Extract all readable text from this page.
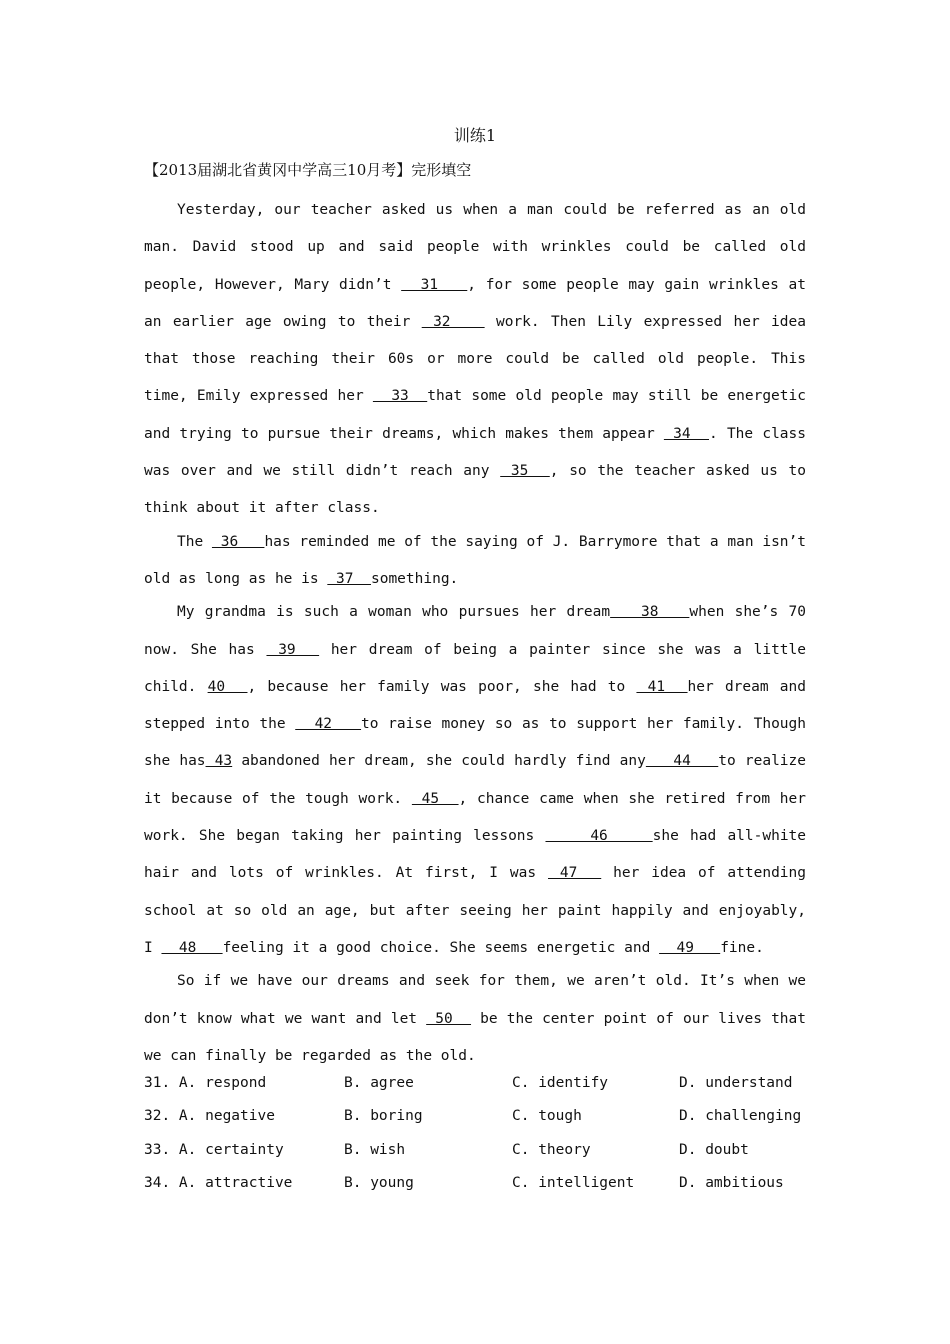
训练1
【2013届湖北省黄冈中学高三10月考】完形填空

Yesterday, our teacher asked us when a man could be referred as an old man. David stood up and said people with wrinkles could be called old people, However, Mary didn’t   31   , for some people may gain wrinkles at an earlier age owing to their  32    work. Then Lily expressed her idea that those reaching their 60s or more could be called old people. This time, Emily expressed her   33  that some old people may still be energetic and trying to pursue their dreams, which makes them appear  34  . The class was over and we still didn’t reach any  35  , so the teacher asked us to think about it after class.

The  36   has reminded me of the saying of J. Barrymore that a man isn’t old as long as he is  37  something.

My grandma is such a woman who pursues her dream   38   when she’s 70 now. She has  39   her dream of being a painter since she was a little child. 40  , because her family was poor, she had to  41  her dream and stepped into the   42   to raise money so as to support her family. Though she has 43 abandoned her dream, she could hardly find any   44   to realize it because of the tough work.  45  , chance came when she retired from her work. She began taking her painting lessons     46    she had all-white hair and lots of wrinkles. At first, I was  47   her idea of attending school at so old an age, but after seeing her paint happily and enjoyably, I   48   feeling it a good choice. She seems energetic and   49   fine.

So if we have our dreams and seek for them, we aren’t old. It’s when we don’t know what we want and let  50   be the center point of our lives that we can finally be regarded as the old.

31. A. respond	B. agree	C. identify	D. understand
32. A. negative	B. boring	C. tough	D. challenging
33. A. certainty	B. wish	C. theory	D. doubt
34. A. attractive	B. young	C. intelligent	D. ambitious
